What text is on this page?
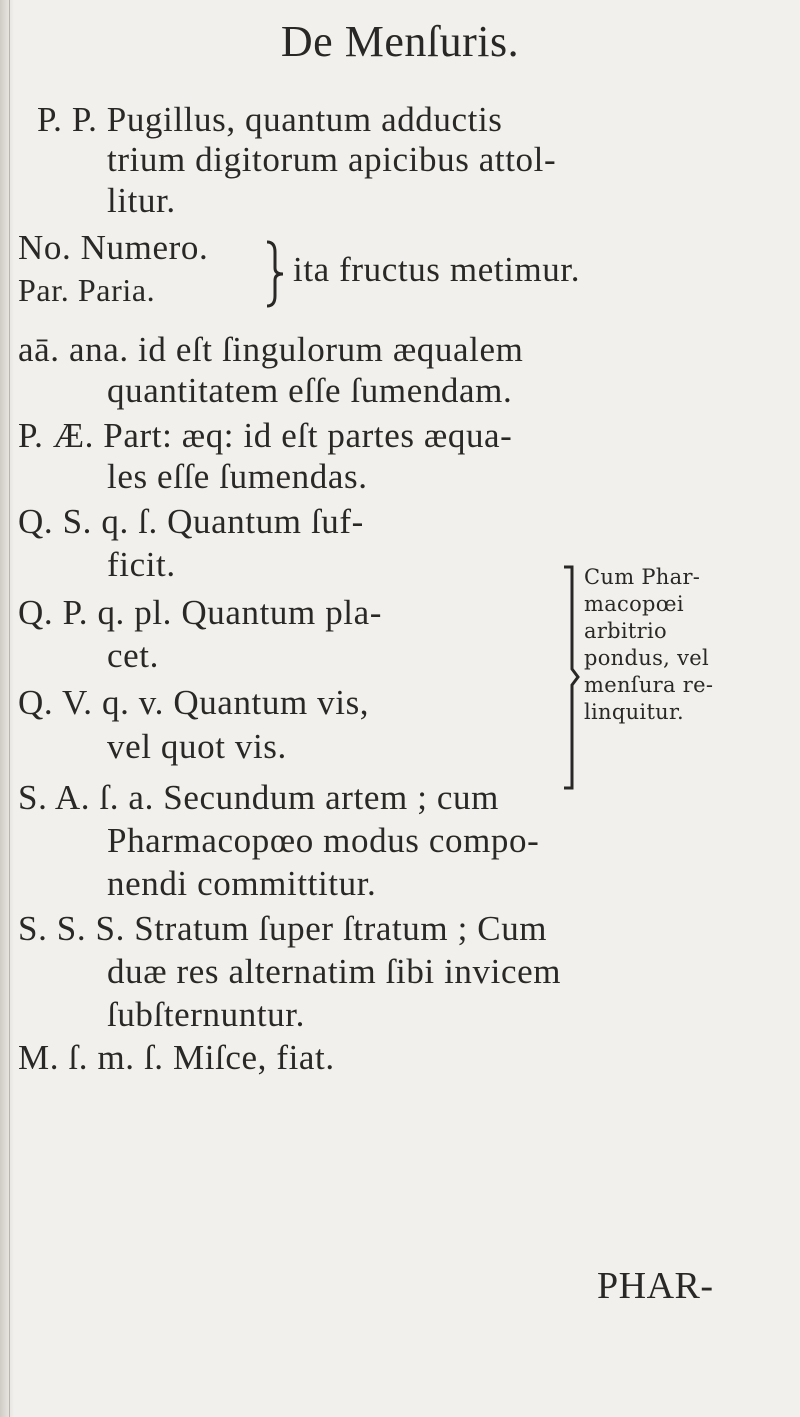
De Menſuris.
P. P. Pugillus, quantum adductis
trium digitorum apicibus attol-
litur.
No. Numero.
Par. Paria.
ita fructus metimur.
aā. ana. id eſt ſingulorum æqualem
quantitatem eſſe ſumendam.
P. Æ. Part: æq: id eſt partes æqua-
les eſſe ſumendas.
Q. S. q. ſ. Quantum ſuf-
ficit.
Q. P. q. pl. Quantum pla-
cet.
Q. V. q. v. Quantum vis,
vel quot vis.
Cum Phar-
macopœi
arbitrio
pondus, vel
menſura re-
linquitur.
S. A. ſ. a. Secundum artem ; cum
Pharmacopœo modus compo-
nendi committitur.
S. S. S. Stratum ſuper ſtratum ; Cum
duæ res alternatim ſibi invicem
ſubſternuntur.
M. ſ. m. ſ. Miſce, fiat.
PHAR-
